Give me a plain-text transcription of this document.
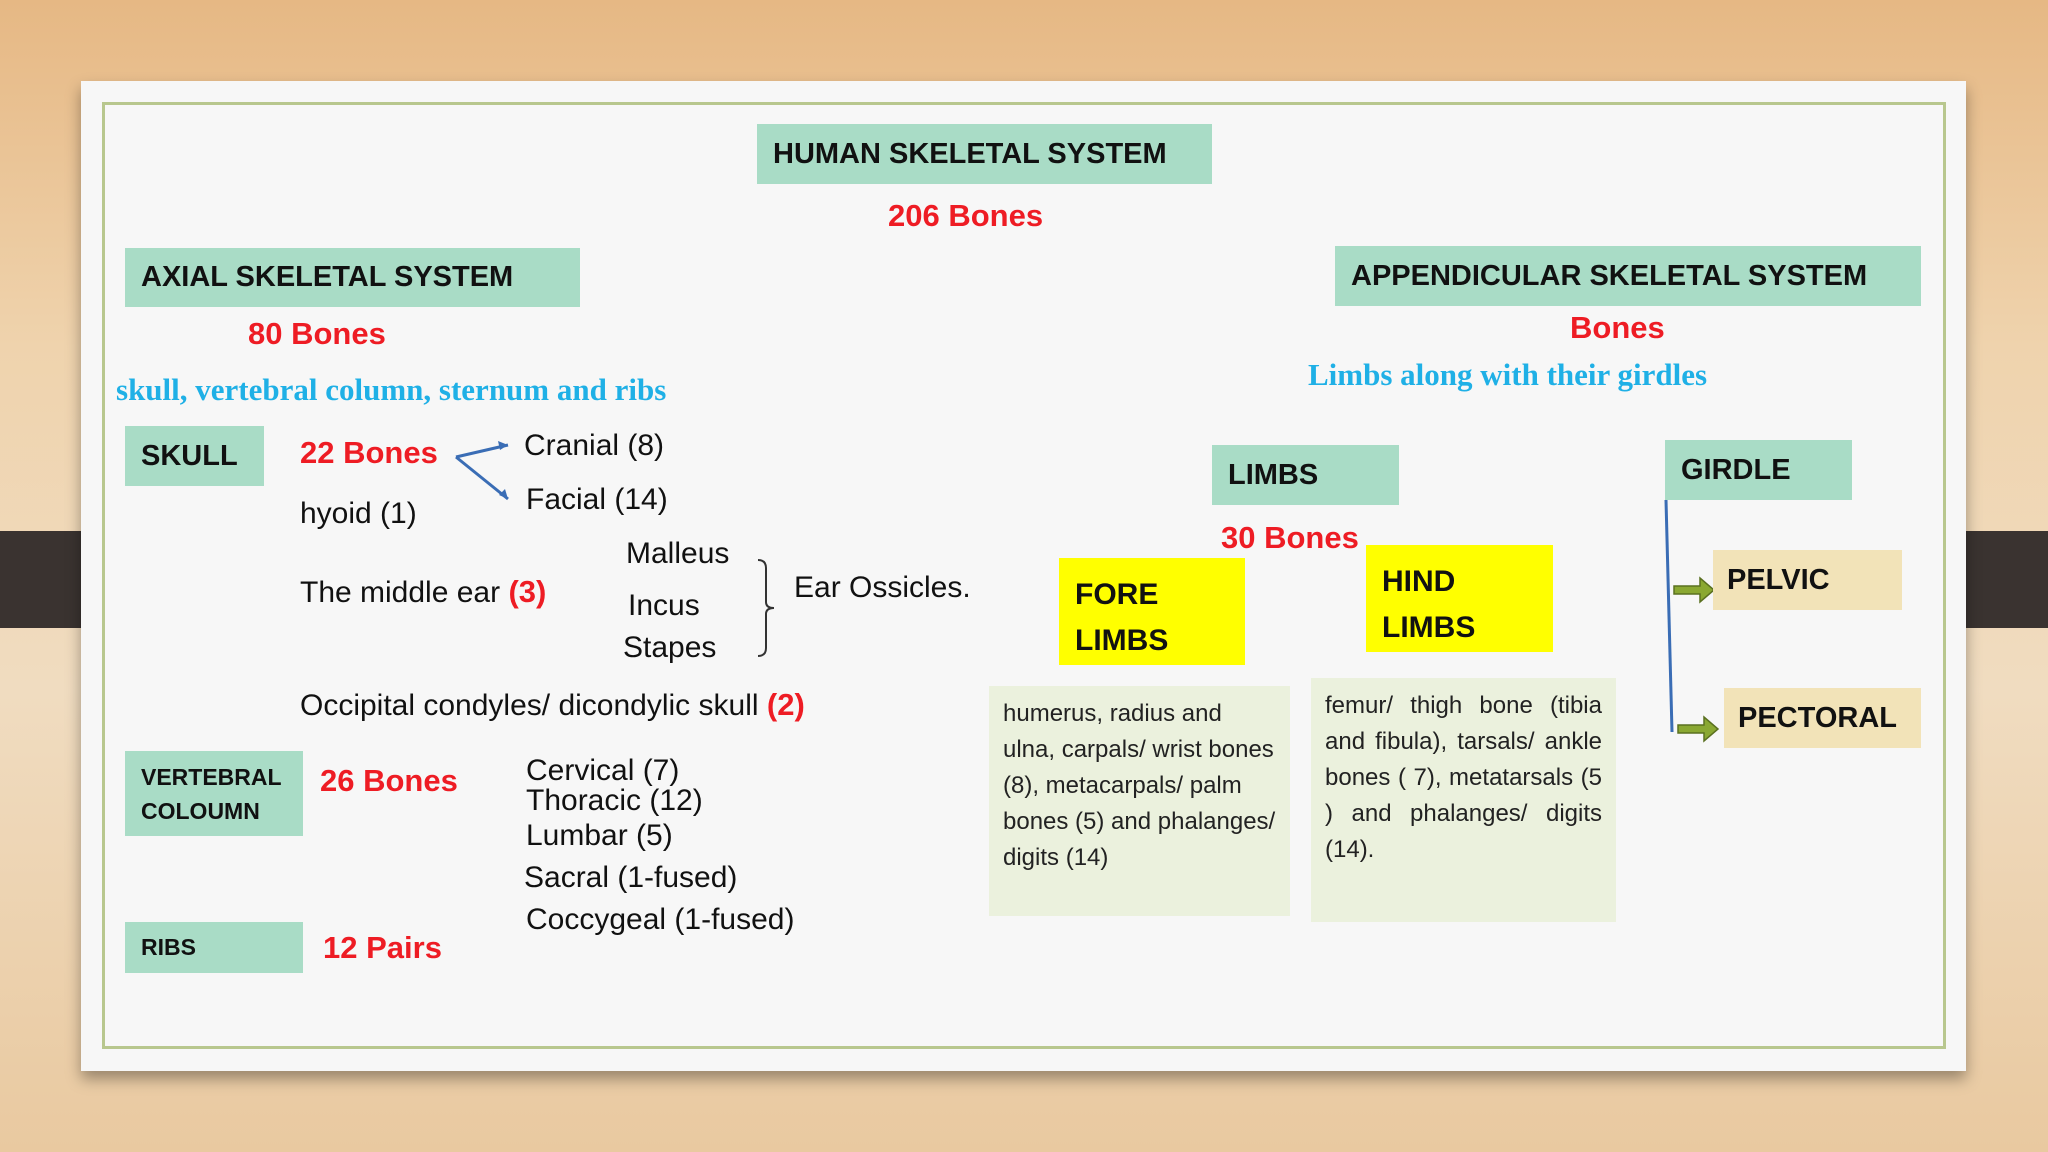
HUMAN SKELETAL SYSTEM
206 Bones
AXIAL SKELETAL SYSTEM
80 Bones
skull, vertebral column, sternum and ribs
SKULL 22 Bones	Cranial (8)
Facial (14)
hyoid (1)
Malleus
Incus
Stapes
The middle ear (3)	Ear Ossicles.
Occipital condyles/ dicondylic skull (2)
VERTEBRAL
COLOUMN
26 Bones Cervical (7)
Thoracic (12)
Lumbar (5)
Sacral (1-fused)
Coccygeal (1-fused)
RIBS	12 Pairs
APPENDICULAR SKELETAL SYSTEM
Bones
Limbs along with their girdles
LIMBS
30 Bones
FORE
LIMBS
HIND
LIMBS
humerus, radius and ulna, carpals/ wrist bones (8), metacarpals/ palm bones (5) and phalanges/ digits (14)
femur/ thigh bone (tibia and fibula), tarsals/ ankle bones ( 7), metatarsals (5 ) and phalanges/ digits (14).
GIRDLE
PELVIC
PECTORAL
